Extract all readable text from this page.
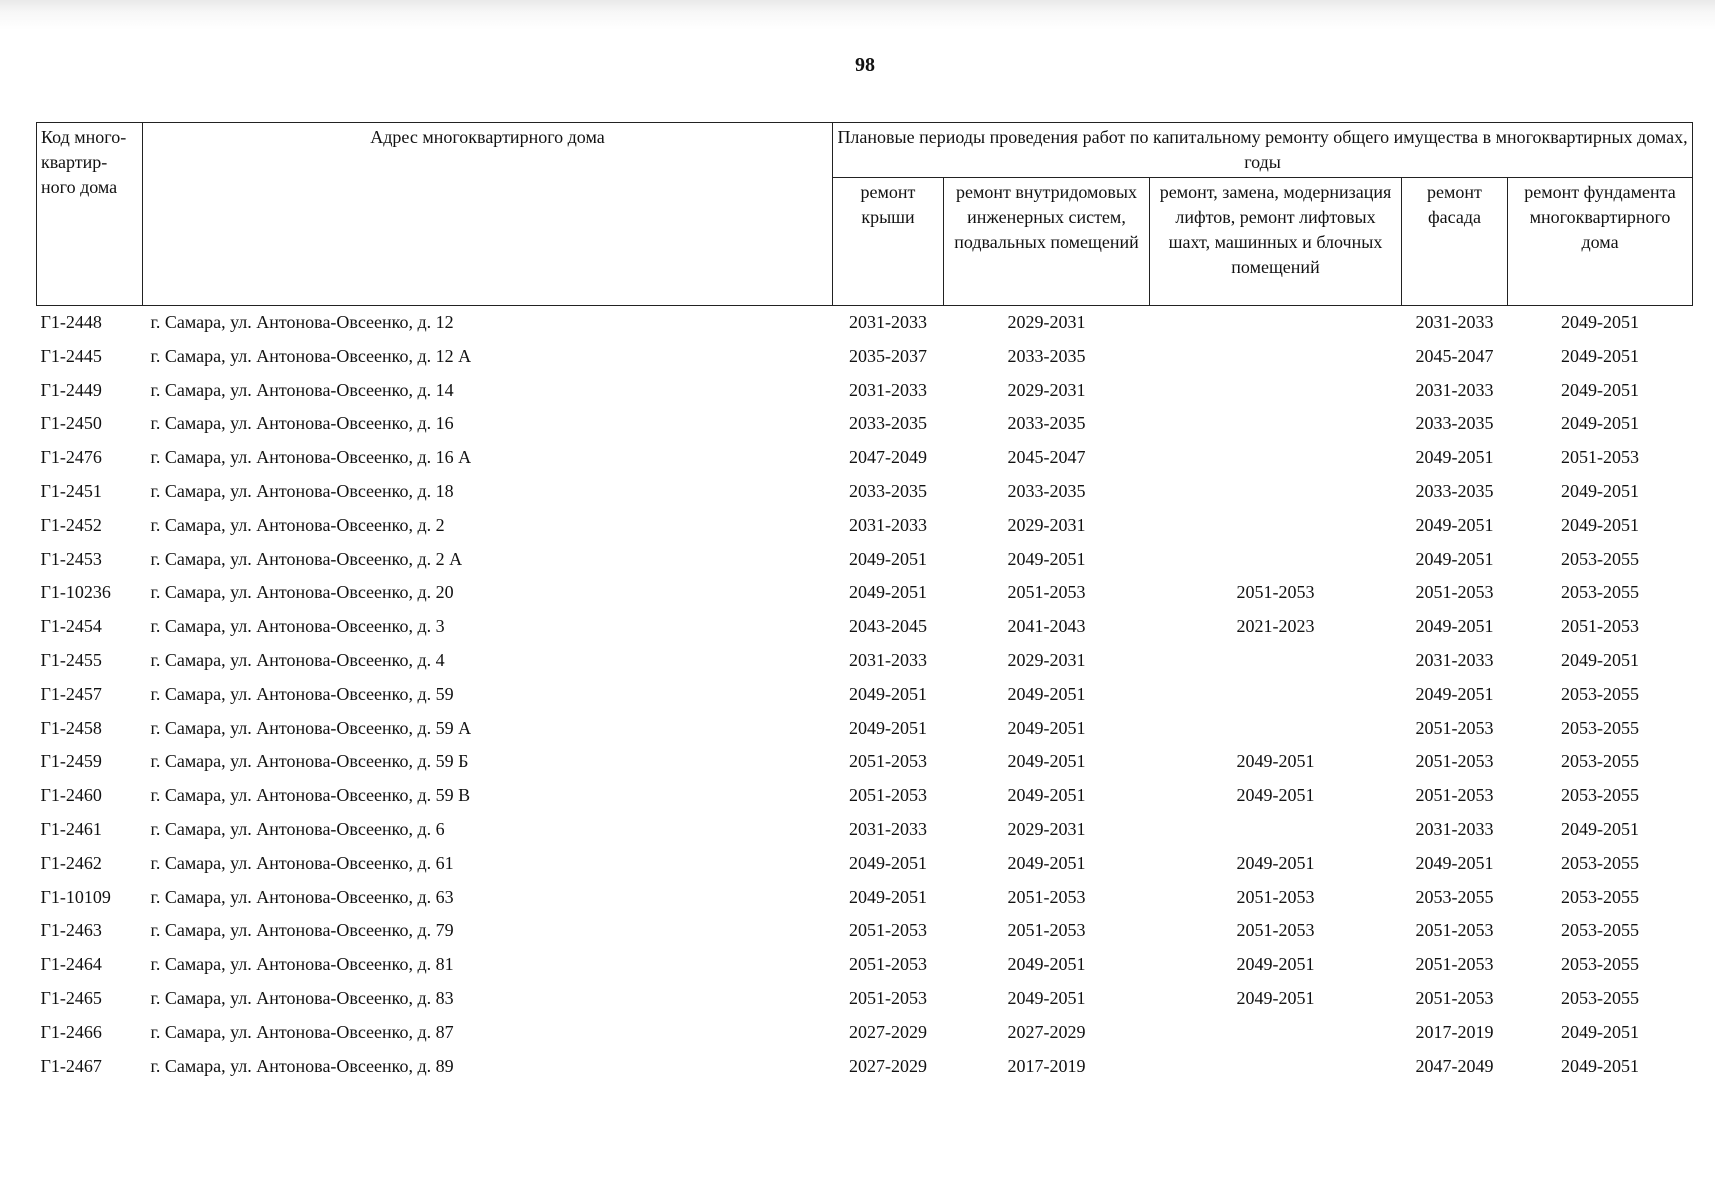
98
Код много-квартир-ного дома	Адрес многоквартирного дома	Плановые периоды проведения работ по капитальному ремонту общего имущества в многоквартирных домах, годы				
		ремонт крыши	ремонт внутридомовых инженерных систем, подвальных помещений	ремонт, замена, модернизация лифтов, ремонт лифтовых шахт, машинных и блочных помещений	ремонт фасада	ремонт фундамента многоквартирного дома
Г1-2448	г. Самара, ул. Антонова-Овсеенко, д. 12	2031-2033	2029-2031		2031-2033	2049-2051
Г1-2445	г. Самара, ул. Антонова-Овсеенко, д. 12 А	2035-2037	2033-2035		2045-2047	2049-2051
Г1-2449	г. Самара, ул. Антонова-Овсеенко, д. 14	2031-2033	2029-2031		2031-2033	2049-2051
Г1-2450	г. Самара, ул. Антонова-Овсеенко, д. 16	2033-2035	2033-2035		2033-2035	2049-2051
Г1-2476	г. Самара, ул. Антонова-Овсеенко, д. 16 А	2047-2049	2045-2047		2049-2051	2051-2053
Г1-2451	г. Самара, ул. Антонова-Овсеенко, д. 18	2033-2035	2033-2035		2033-2035	2049-2051
Г1-2452	г. Самара, ул. Антонова-Овсеенко, д. 2	2031-2033	2029-2031		2049-2051	2049-2051
Г1-2453	г. Самара, ул. Антонова-Овсеенко, д. 2 А	2049-2051	2049-2051		2049-2051	2053-2055
Г1-10236	г. Самара, ул. Антонова-Овсеенко, д. 20	2049-2051	2051-2053	2051-2053	2051-2053	2053-2055
Г1-2454	г. Самара, ул. Антонова-Овсеенко, д. 3	2043-2045	2041-2043	2021-2023	2049-2051	2051-2053
Г1-2455	г. Самара, ул. Антонова-Овсеенко, д. 4	2031-2033	2029-2031		2031-2033	2049-2051
Г1-2457	г. Самара, ул. Антонова-Овсеенко, д. 59	2049-2051	2049-2051		2049-2051	2053-2055
Г1-2458	г. Самара, ул. Антонова-Овсеенко, д. 59 А	2049-2051	2049-2051		2051-2053	2053-2055
Г1-2459	г. Самара, ул. Антонова-Овсеенко, д. 59 Б	2051-2053	2049-2051	2049-2051	2051-2053	2053-2055
Г1-2460	г. Самара, ул. Антонова-Овсеенко, д. 59 В	2051-2053	2049-2051	2049-2051	2051-2053	2053-2055
Г1-2461	г. Самара, ул. Антонова-Овсеенко, д. 6	2031-2033	2029-2031		2031-2033	2049-2051
Г1-2462	г. Самара, ул. Антонова-Овсеенко, д. 61	2049-2051	2049-2051	2049-2051	2049-2051	2053-2055
Г1-10109	г. Самара, ул. Антонова-Овсеенко, д. 63	2049-2051	2051-2053	2051-2053	2053-2055	2053-2055
Г1-2463	г. Самара, ул. Антонова-Овсеенко, д. 79	2051-2053	2051-2053	2051-2053	2051-2053	2053-2055
Г1-2464	г. Самара, ул. Антонова-Овсеенко, д. 81	2051-2053	2049-2051	2049-2051	2051-2053	2053-2055
Г1-2465	г. Самара, ул. Антонова-Овсеенко, д. 83	2051-2053	2049-2051	2049-2051	2051-2053	2053-2055
Г1-2466	г. Самара, ул. Антонова-Овсеенко, д. 87	2027-2029	2027-2029		2017-2019	2049-2051
Г1-2467	г. Самара, ул. Антонова-Овсеенко, д. 89	2027-2029	2017-2019		2047-2049	2049-2051
